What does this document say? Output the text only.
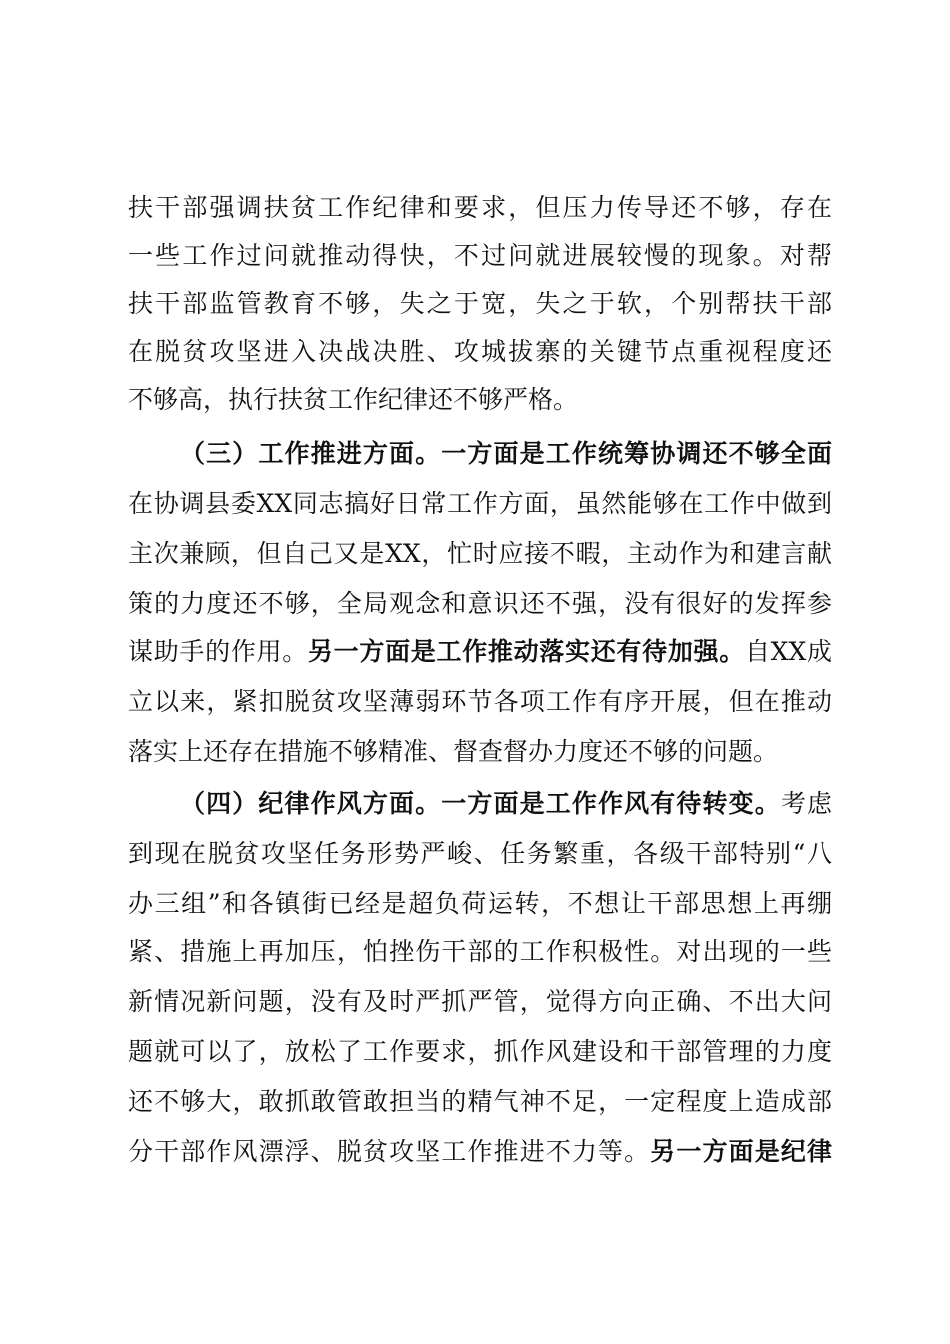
扶干部强调扶贫工作纪律和要求，但压力传导还不够，存在
一些工作过问就推动得快，不过问就进展较慢的现象。对帮
扶干部监管教育不够，失之于宽，失之于软，个别帮扶干部
在脱贫攻坚进入决战决胜、攻城拔寨的关键节点重视程度还
不够高，执行扶贫工作纪律还不够严格。
（三）工作推进方面。一方面是工作统筹协调还不够全面
在协调县委XX同志搞好日常工作方面，虽然能够在工作中做到
主次兼顾，但自己又是XX，忙时应接不暇，主动作为和建言献
策的力度还不够，全局观念和意识还不强，没有很好的发挥参
谋助手的作用。另一方面是工作推动落实还有待加强。自XX成
立以来，紧扣脱贫攻坚薄弱环节各项工作有序开展，但在推动
落实上还存在措施不够精准、督查督办力度还不够的问题。
（四）纪律作风方面。一方面是工作作风有待转变。考虑
到现在脱贫攻坚任务形势严峻、任务繁重，各级干部特别“八
办三组”和各镇街已经是超负荷运转，不想让干部思想上再绷
紧、措施上再加压，怕挫伤干部的工作积极性。对出现的一些
新情况新问题，没有及时严抓严管，觉得方向正确、不出大问
题就可以了，放松了工作要求，抓作风建设和干部管理的力度
还不够大，敢抓敢管敢担当的精气神不足，一定程度上造成部
分干部作风漂浮、脱贫攻坚工作推进不力等。另一方面是纪律
